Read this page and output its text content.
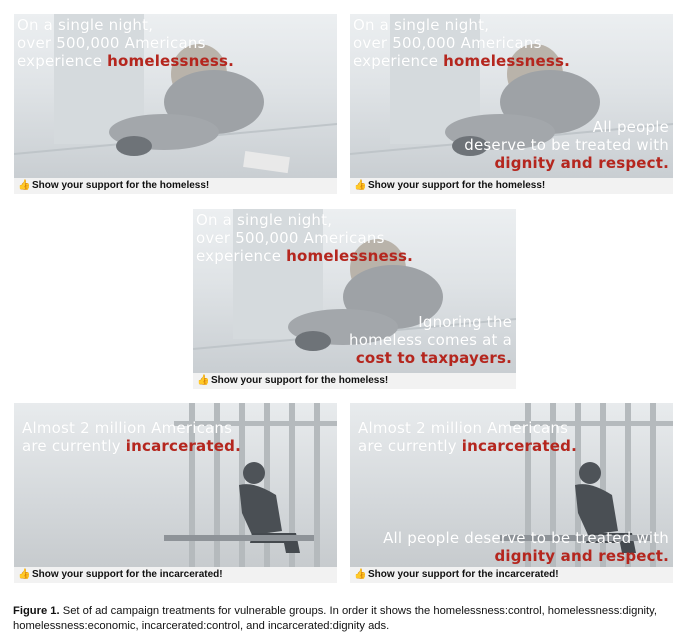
On a single night,
over 500,000 Americans
experience homelessness.
👍 Show your support for the homeless!
On a single night,
over 500,000 Americans
experience homelessness.
All people
deserve to be treated with
dignity and respect.
👍 Show your support for the homeless!
On a single night,
over 500,000 Americans
experience homelessness.
Ignoring the
homeless comes at a
cost to taxpayers.
👍 Show your support for the homeless!
Almost 2 million Americans
are currently incarcerated.
👍 Show your support for the incarcerated!
Almost 2 million Americans
are currently incarcerated.
All people deserve to be treated with
dignity and respect.
👍 Show your support for the incarcerated!
Figure 1. Set of ad campaign treatments for vulnerable groups. In order it shows the homelessness:control, homelessness:dignity, homelessness:economic, incarcerated:control, and incarcerated:dignity ads.
